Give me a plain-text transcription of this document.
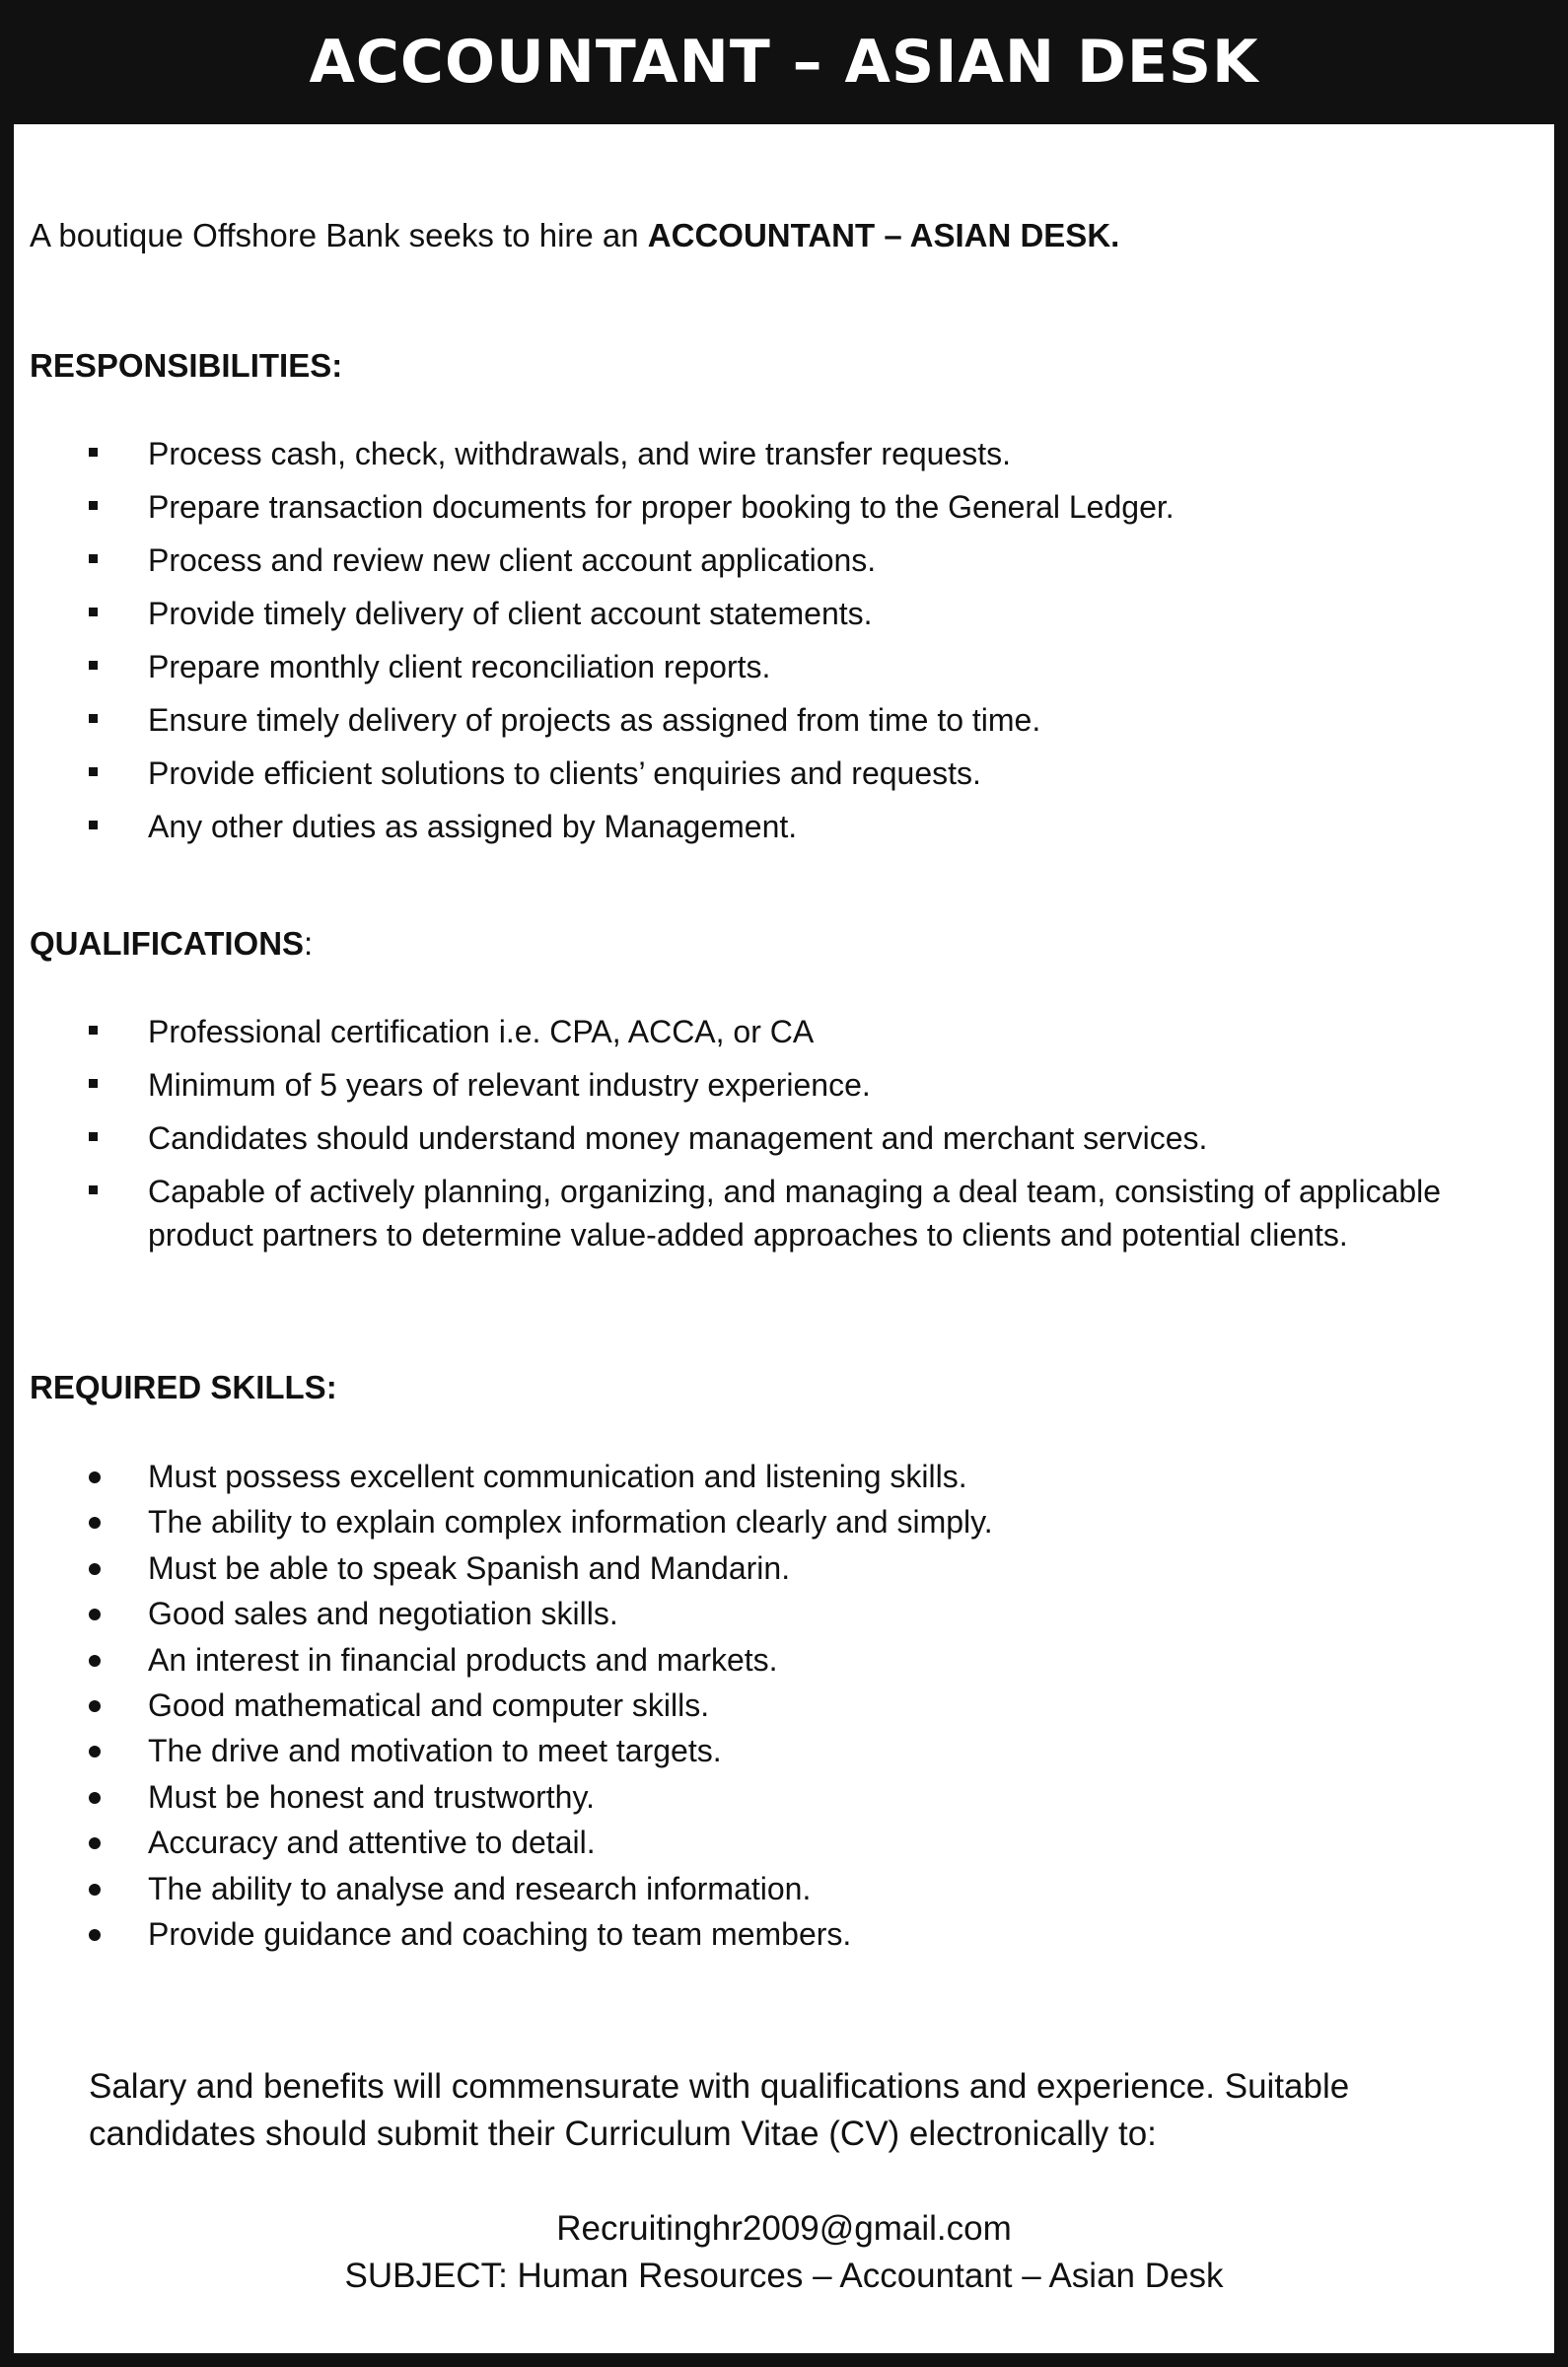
ACCOUNTANT – ASIAN DESK
A boutique Offshore Bank seeks to hire an ACCOUNTANT – ASIAN DESK.
RESPONSIBILITIES:
Process cash, check, withdrawals, and wire transfer requests.
Prepare transaction documents for proper booking to the General Ledger.
Process and review new client account applications.
Provide timely delivery of client account statements.
Prepare monthly client reconciliation reports.
Ensure timely delivery of projects as assigned from time to time.
Provide efficient solutions to clients’ enquiries and requests.
Any other duties as assigned by Management.
QUALIFICATIONS:
Professional certification i.e. CPA, ACCA, or CA
Minimum of 5 years of relevant industry experience.
Candidates should understand money management and merchant services.
Capable of actively planning, organizing, and managing a deal team, consisting of applicable product partners to determine value-added approaches to clients and potential clients.
REQUIRED SKILLS:
Must possess excellent communication and listening skills.
The ability to explain complex information clearly and simply.
Must be able to speak Spanish and Mandarin.
Good sales and negotiation skills.
An interest in financial products and markets.
Good mathematical and computer skills.
The drive and motivation to meet targets.
Must be honest and trustworthy.
Accuracy and attentive to detail.
The ability to analyse and research information.
Provide guidance and coaching to team members.
Salary and benefits will commensurate with qualifications and experience. Suitable candidates should submit their Curriculum Vitae (CV) electronically to:
Recruitinghr2009@gmail.com
SUBJECT: Human Resources – Accountant – Asian Desk
